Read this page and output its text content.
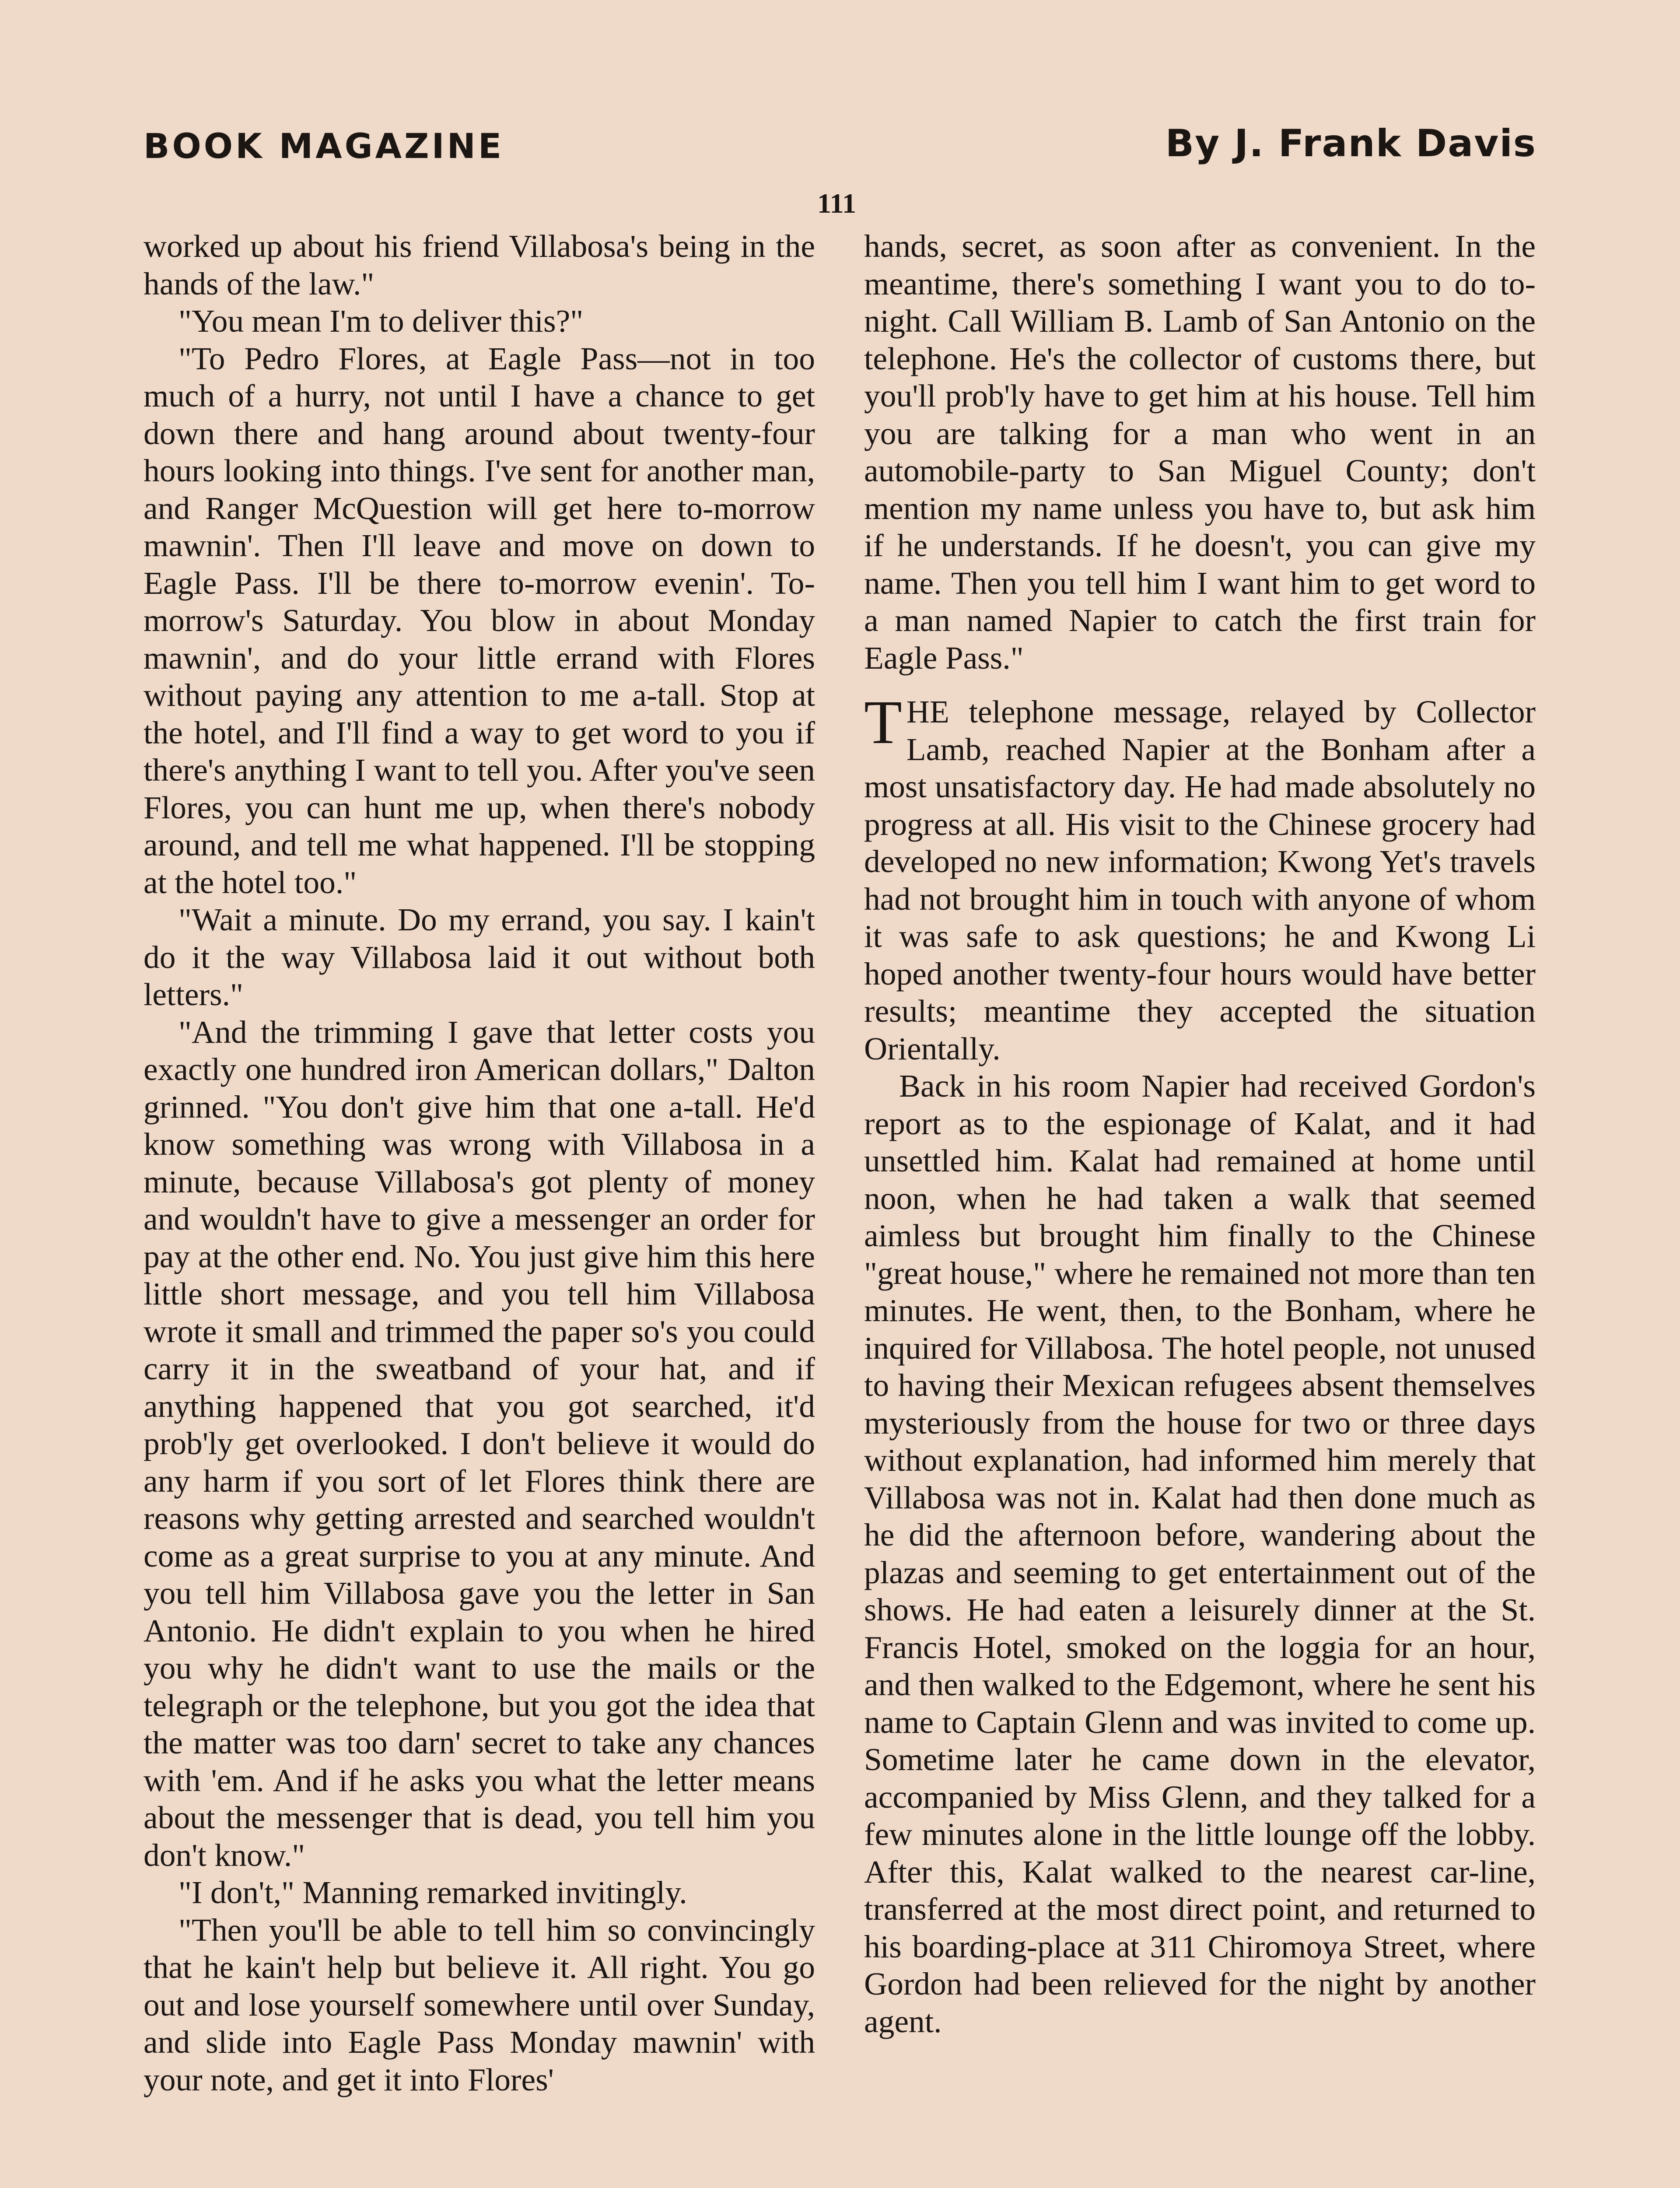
BOOK MAGAZINE	By J. Frank Davis
111

worked up about his friend Villabosa's being in the hands of the law."

"You mean I'm to deliver this?"

"To Pedro Flores, at Eagle Pass—not in too much of a hurry, not until I have a chance to get down there and hang around about twenty-four hours looking into things. I've sent for another man, and Ranger McQuestion will get here to-morrow mawnin'. Then I'll leave and move on down to Eagle Pass. I'll be there to-morrow evenin'. To-morrow's Saturday. You blow in about Monday mawnin', and do your little errand with Flores without paying any attention to me a-tall. Stop at the hotel, and I'll find a way to get word to you if there's anything I want to tell you. After you've seen Flores, you can hunt me up, when there's nobody around, and tell me what happened. I'll be stopping at the hotel too."

"Wait a minute. Do my errand, you say. I kain't do it the way Villabosa laid it out without both letters."

"And the trimming I gave that letter costs you exactly one hundred iron American dollars," Dalton grinned. "You don't give him that one a-tall. He'd know something was wrong with Villabosa in a minute, because Villabosa's got plenty of money and wouldn't have to give a messenger an order for pay at the other end. No. You just give him this here little short message, and you tell him Villabosa wrote it small and trimmed the paper so's you could carry it in the sweatband of your hat, and if anything happened that you got searched, it'd prob'ly get overlooked. I don't believe it would do any harm if you sort of let Flores think there are reasons why getting arrested and searched wouldn't come as a great surprise to you at any minute. And you tell him Villabosa gave you the letter in San Antonio. He didn't explain to you when he hired you why he didn't want to use the mails or the telegraph or the telephone, but you got the idea that the matter was too darn' secret to take any chances with 'em. And if he asks you what the letter means about the messenger that is dead, you tell him you don't know."

"I don't," Manning remarked invitingly.

"Then you'll be able to tell him so convincingly that he kain't help but believe it. All right. You go out and lose yourself somewhere until over Sunday, and slide into Eagle Pass Monday mawnin' with your note, and get it into Flores'

hands, secret, as soon after as convenient. In the meantime, there's something I want you to do to-night. Call William B. Lamb of San Antonio on the telephone. He's the collector of customs there, but you'll prob'ly have to get him at his house. Tell him you are talking for a man who went in an automobile-party to San Miguel County; don't mention my name unless you have to, but ask him if he understands. If he doesn't, you can give my name. Then you tell him I want him to get word to a man named Napier to catch the first train for Eagle Pass."

THE telephone message, relayed by Collector Lamb, reached Napier at the Bonham after a most unsatisfactory day. He had made absolutely no progress at all. His visit to the Chinese grocery had developed no new information; Kwong Yet's travels had not brought him in touch with anyone of whom it was safe to ask questions; he and Kwong Li hoped another twenty-four hours would have better results; meantime they accepted the situation Orientally.

Back in his room Napier had received Gordon's report as to the espionage of Kalat, and it had unsettled him. Kalat had remained at home until noon, when he had taken a walk that seemed aimless but brought him finally to the Chinese "great house," where he remained not more than ten minutes. He went, then, to the Bonham, where he inquired for Villabosa. The hotel people, not unused to having their Mexican refugees absent themselves mysteriously from the house for two or three days without explanation, had informed him merely that Villabosa was not in. Kalat had then done much as he did the afternoon before, wandering about the plazas and seeming to get entertainment out of the shows. He had eaten a leisurely dinner at the St. Francis Hotel, smoked on the loggia for an hour, and then walked to the Edgemont, where he sent his name to Captain Glenn and was invited to come up. Sometime later he came down in the elevator, accompanied by Miss Glenn, and they talked for a few minutes alone in the little lounge off the lobby. After this, Kalat walked to the nearest car-line, transferred at the most direct point, and returned to his boarding-place at 311 Chiromoya Street, where Gordon had been relieved for the night by another agent.
